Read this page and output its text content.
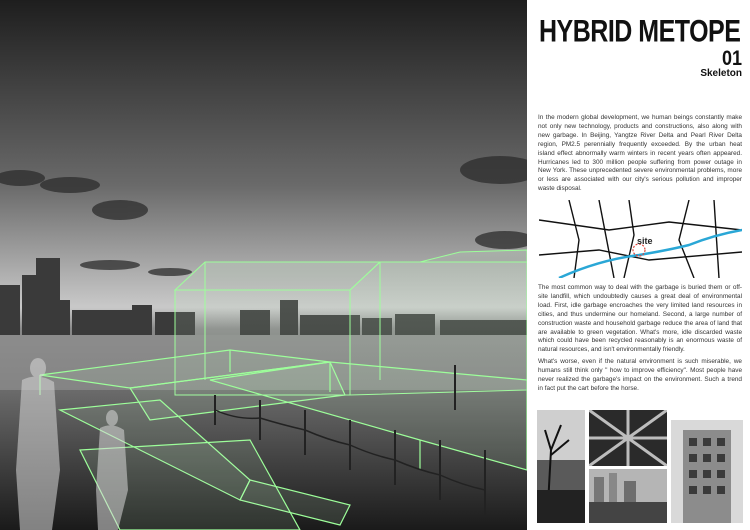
HYBRID METOPE
01
Skeleton

In the modern global development, we human beings constantly make not only new technology, products and constructions, also along with new garbage. In Beijing, Yangtze River Delta and Pearl River Delta region, PM2.5 perennially frequently exceeded. By the urban heat island effect abnormally warm winters in recent years often appeared. Hurricanes led to 300 million people suffering from power outage in New York. These unprecedented severe environmental problems, more or less are associated with our city's serious pollution and improper waste disposal.

site

The most common way to deal with the garbage is buried them or off-site landfill, which undoubtedly causes a great deal of environmental load. First, idle garbage encroaches the very limited land resources in cities, and thus undermine our homeland. Second, a large number of construction waste and household garbage reduce the area of land that are available to green vegetation. What's more, idle discarded waste which could have been recycled reasonably is an enormous waste of natural resources, and isn't environmentally friendly.

What's worse, even if the natural environment is such miserable, we humans still think only " how to improve efficiency". Most people have never realized the garbage's impact on the environment. Such a trend in fact put the cart before the horse.
